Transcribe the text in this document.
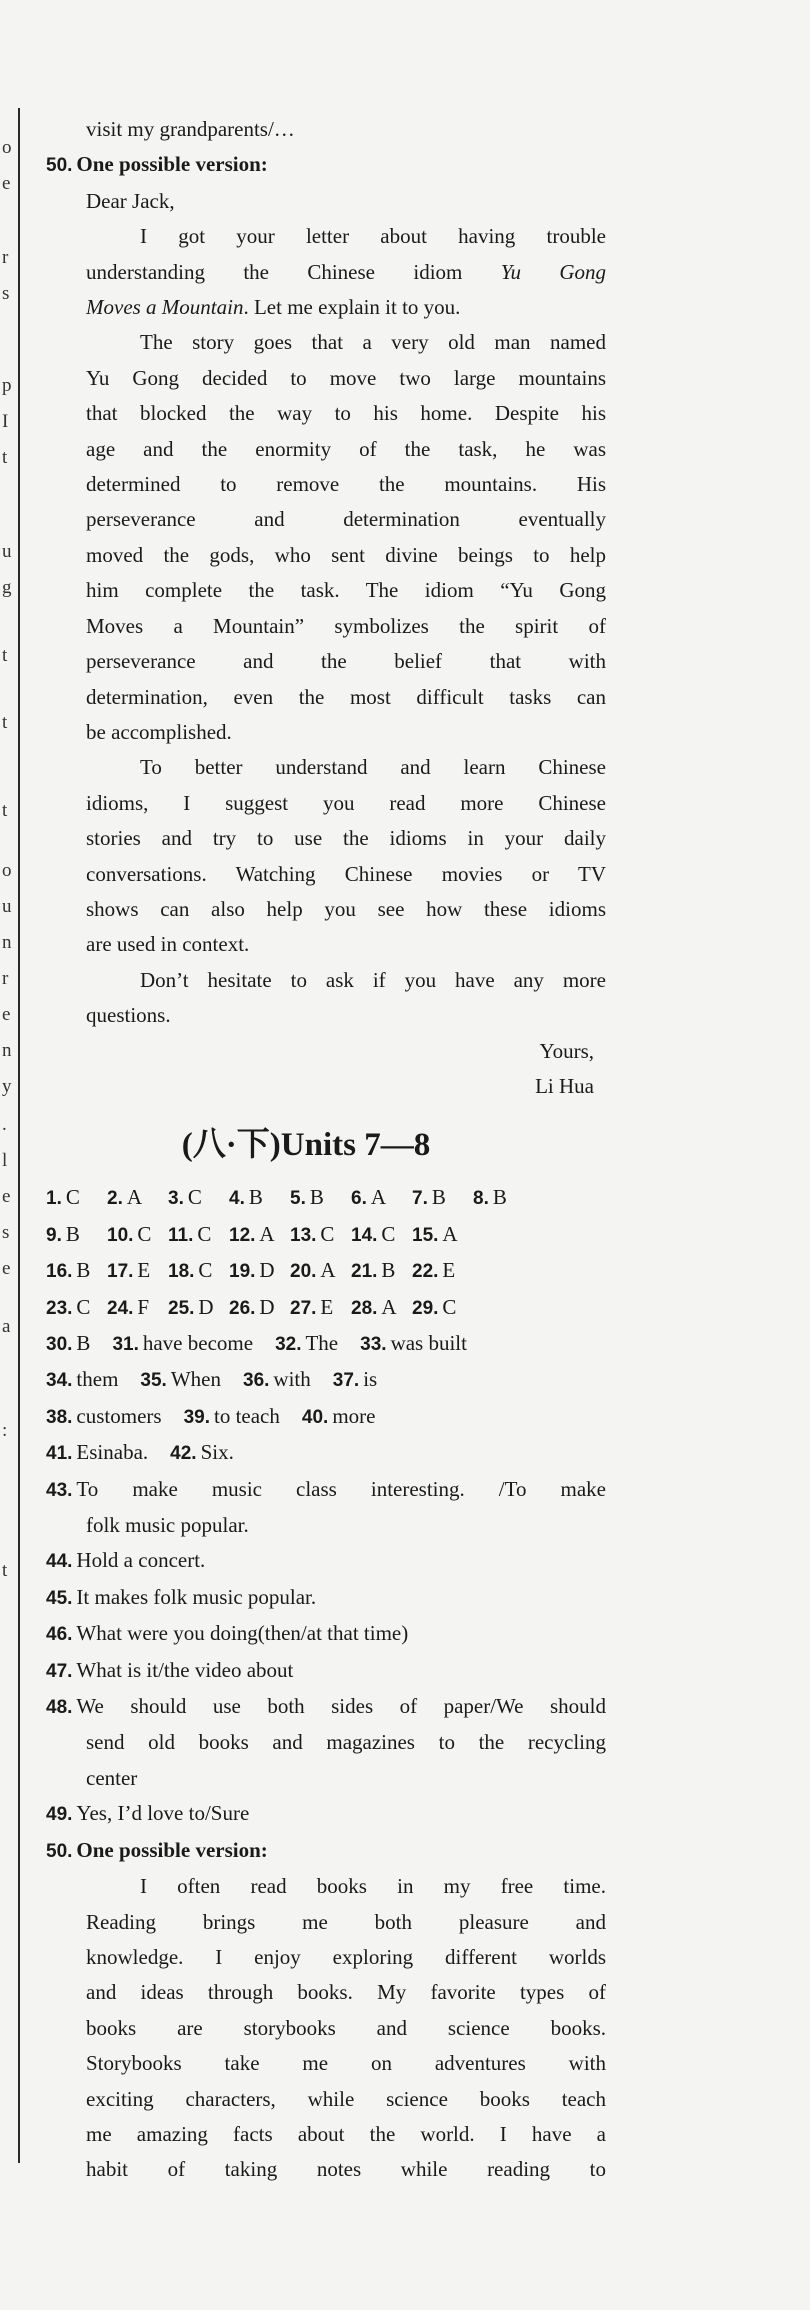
o
e
r
s
p
I
t
u
g
t
t
t
o
u
n
r
e
n
y
.
l
e
s
e
a
:
t
visit my grandparents/…
50. One possible version:
Dear Jack,
I got your letter about having trouble
understanding the Chinese idiom Yu Gong
Moves a Mountain. Let me explain it to you.
The story goes that a very old man named
Yu Gong decided to move two large mountains
that blocked the way to his home. Despite his
age and the enormity of the task, he was
determined to remove the mountains. His
perseverance and determination eventually
moved the gods, who sent divine beings to help
him complete the task. The idiom “Yu Gong
Moves a Mountain” symbolizes the spirit of
perseverance and the belief that with
determination, even the most difficult tasks can
be accomplished.
To better understand and learn Chinese
idioms, I suggest you read more Chinese
stories and try to use the idioms in your daily
conversations. Watching Chinese movies or TV
shows can also help you see how these idioms
are used in context.
Don’t hesitate to ask if you have any more
questions.
Yours,
Li Hua
(八·下)Units 7—8
1. C 2. A 3. C 4. B 5. B 6. A 7. B 8. B
9. B 10. C 11. C 12. A 13. C 14. C 15. A
16. B 17. E 18. C 19. D 20. A 21. B 22. E
23. C 24. F 25. D 26. D 27. E 28. A 29. C
30. B 31. have become 32. The 33. was built
34. them 35. When 36. with 37. is
38. customers 39. to teach 40. more
41. Esinaba. 42. Six.
43. To make music class interesting. /To make
folk music popular.
44. Hold a concert.
45. It makes folk music popular.
46. What were you doing(then/at that time)
47. What is it/the video about
48. We should use both sides of paper/We should
send old books and magazines to the recycling
center
49. Yes, I’d love to/Sure
50. One possible version:
I often read books in my free time.
Reading brings me both pleasure and
knowledge. I enjoy exploring different worlds
and ideas through books. My favorite types of
books are storybooks and science books.
Storybooks take me on adventures with
exciting characters, while science books teach
me amazing facts about the world. I have a
habit of taking notes while reading to
